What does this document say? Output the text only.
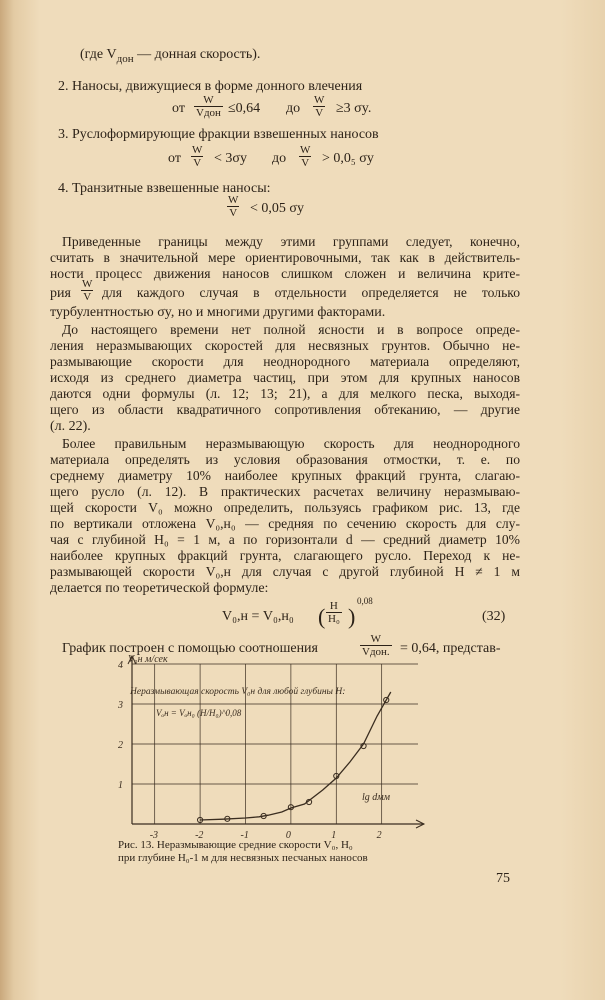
(где $V_{дон}$ — донная скорость).
2. Наносы, движущиеся в форме донного влечения
от
W
Vдон ≤0,64 до $\frac{W}{V} \ge 3$ σy.
3. Руслоформирующие фракции взвешенных наносов
от $\frac{W}{V} < 3\sigma y$ до $\frac{W}{V} > 0,0_5$ σy
4. Транзитные взвешенные наносы:
$\frac{W}{V} < 0,05$ σy
Приведенные границы между этими группами следует, конечно,
считать в значительной мере ориентировочными, так как в действитель-
ности процесс движения наносов слишком сложен и величина крите-
рия $\frac{W}{V}$ для каждого случая в отдельности определяется не только
турбулентностью σy, но и многими другими факторами.
До настоящего времени нет полной ясности и в вопросе опреде-
ления неразмывающих скоростей для несвязных грунтов. Обычно не-
размывающие скорости для неоднородного материала определяют,
исходя из среднего диаметра частиц, при этом для крупных наносов
даются одни формулы (л. 12; 13; 21), а для мелкого песка, выходя-
щего из области квадратичного сопротивления обтеканию, — другие
(л. 22).
Более правильным неразмывающую скорость для неоднородного
материала определять из условия образования отмостки, т. е. по
среднему диаметру 10% наиболее крупных фракций грунта, слагаю-
щего русло (л. 12). В практических расчетах величину неразмываю-
щей скорости V₀ можно определить, пользуясь графиком рис. 13, где
по вертикали отложена V₀,н₀ — средняя по сечению скорость для слу-
чая с глубиной H₀ = 1 м, а по горизонтали d — средний диаметр 10%
наиболее крупных фракций грунта, слагающего русло. Переход к не-
размывающей скорости V₀,н для случая с другой глубиной H ≠ 1 м
делается по теоретической формуле:
V₀,н = V₀,н₀ ( $\frac{H}{\text{H₀}}$ )
0,08
(32)
График построен с помощью соотношения
W
Vдон. = 0,64, представ-
V₀н м/сек
Неразмывающая скорость V₀н для любой глубины H:
Vₒн = Vₒн₀ (H/H₀)^0,08
lg dмм
1
2
3
4
-3	-2	-1	0	1	2
Рис. 13. Неразмывающие средние скорости V₀, H₀
при глубине H₀-1 м для несвязных песчаных наносов
75
